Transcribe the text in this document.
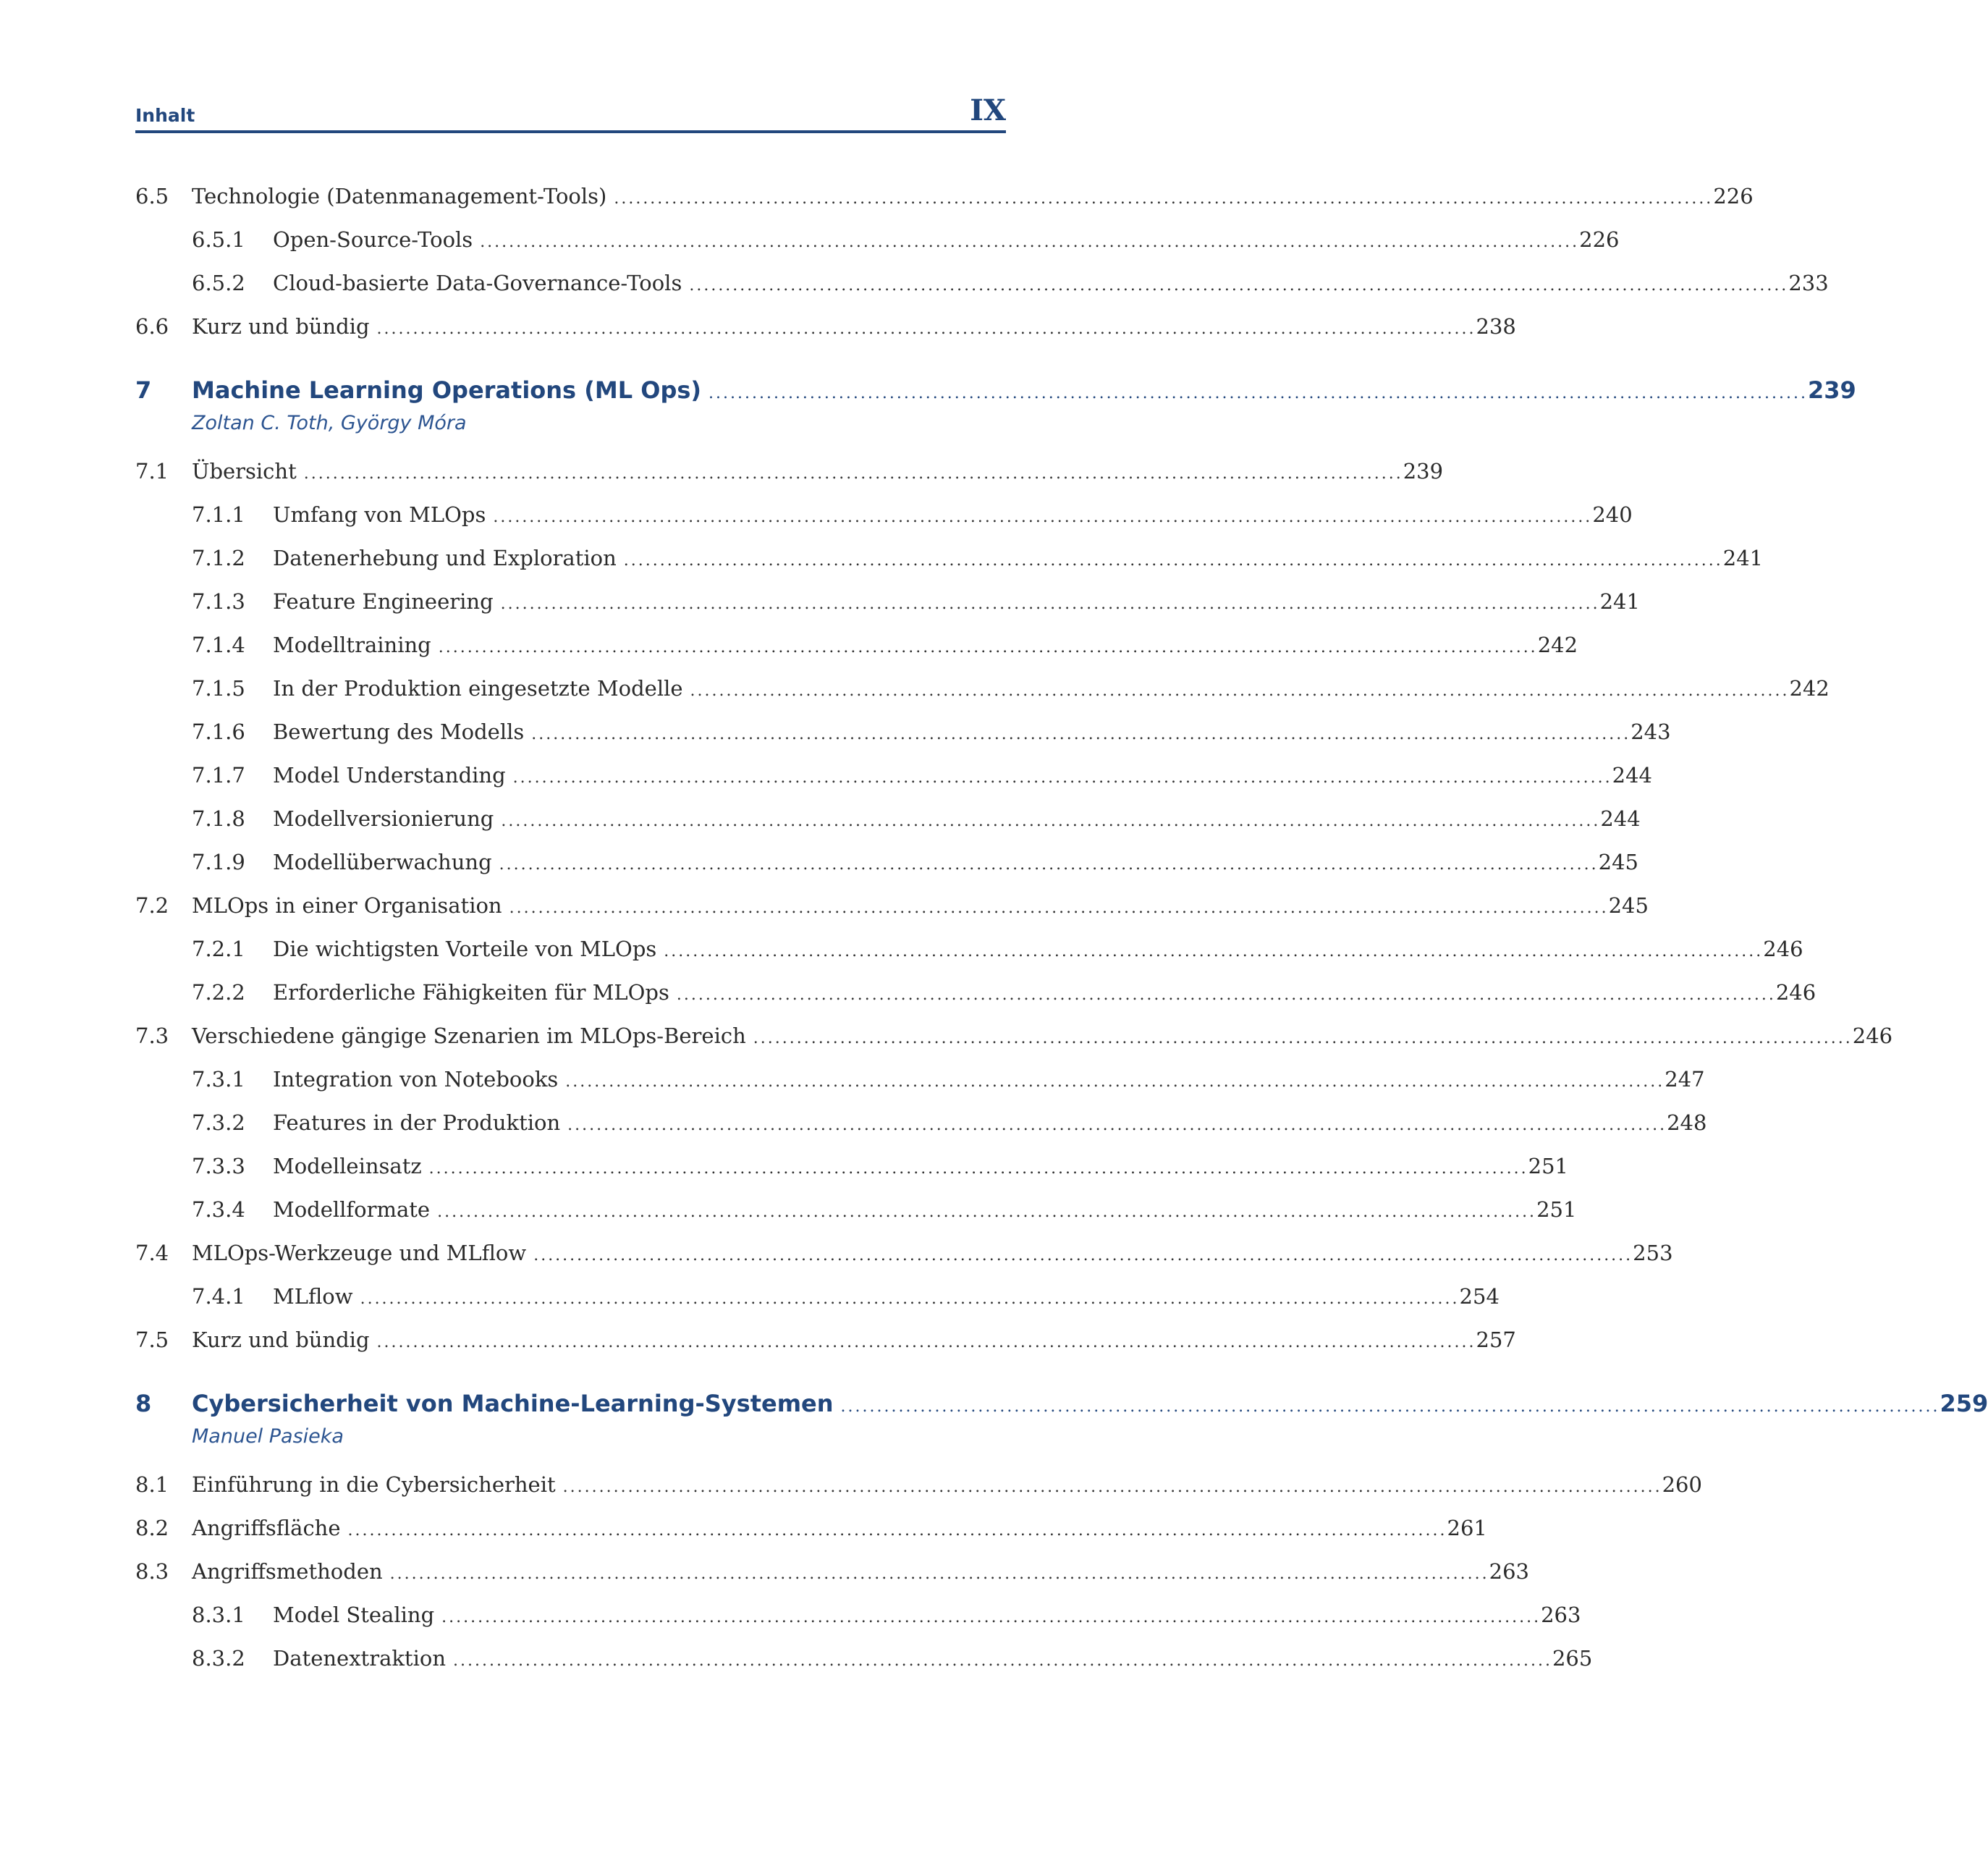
Inhalt	IX
6.5 Technologie (Datenmanagement-Tools) ........................................................................................................................................................ 226
6.5.1 Open-Source-Tools ........................................................................................................................................................ 226
6.5.2 Cloud-basierte Data-Governance-Tools ........................................................................................................................................................ 233
6.6 Kurz und bündig ........................................................................................................................................................ 238
7 Machine Learning Operations (ML Ops) ........................................................................................................................................................ 239
Zoltan C. Toth, György Móra
7.1 Übersicht ........................................................................................................................................................ 239
7.1.1 Umfang von MLOps ........................................................................................................................................................ 240
7.1.2 Datenerhebung und Exploration ........................................................................................................................................................ 241
7.1.3 Feature Engineering ........................................................................................................................................................ 241
7.1.4 Modelltraining ........................................................................................................................................................ 242
7.1.5 In der Produktion eingesetzte Modelle ........................................................................................................................................................ 242
7.1.6 Bewertung des Modells ........................................................................................................................................................ 243
7.1.7 Model Understanding ........................................................................................................................................................ 244
7.1.8 Modellversionierung ........................................................................................................................................................ 244
7.1.9 Modellüberwachung ........................................................................................................................................................ 245
7.2 MLOps in einer Organisation ........................................................................................................................................................ 245
7.2.1 Die wichtigsten Vorteile von MLOps ........................................................................................................................................................ 246
7.2.2 Erforderliche Fähigkeiten für MLOps ........................................................................................................................................................ 246
7.3 Verschiedene gängige Szenarien im MLOps-Bereich ........................................................................................................................................................ 246
7.3.1 Integration von Notebooks ........................................................................................................................................................ 247
7.3.2 Features in der Produktion ........................................................................................................................................................ 248
7.3.3 Modelleinsatz ........................................................................................................................................................ 251
7.3.4 Modellformate ........................................................................................................................................................ 251
7.4 MLOps-Werkzeuge und MLflow ........................................................................................................................................................ 253
7.4.1 MLflow ........................................................................................................................................................ 254
7.5 Kurz und bündig ........................................................................................................................................................ 257
8 Cybersicherheit von Machine-Learning-Systemen ........................................................................................................................................................ 259
Manuel Pasieka
8.1 Einführung in die Cybersicherheit ........................................................................................................................................................ 260
8.2 Angriffsfläche ........................................................................................................................................................ 261
8.3 Angriffsmethoden ........................................................................................................................................................ 263
8.3.1 Model Stealing ........................................................................................................................................................ 263
8.3.2 Datenextraktion ........................................................................................................................................................ 265
